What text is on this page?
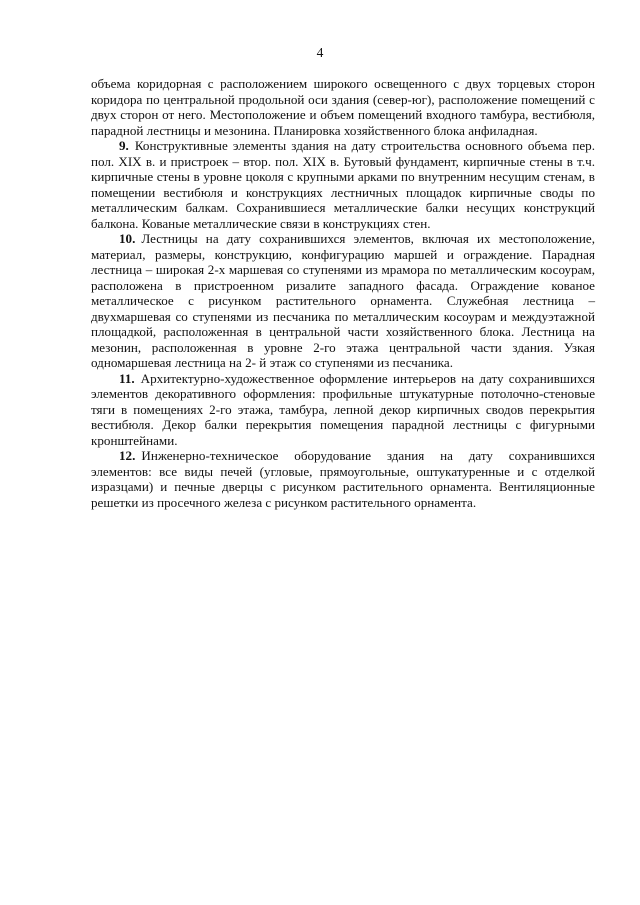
4

объема коридорная с расположением широкого освещенного с двух торцевых сторон коридора по центральной продольной оси здания (север-юг), расположение помещений с двух сторон от него. Местоположение и объем помещений входного тамбура, вестибюля, парадной лестницы и мезонина. Планировка хозяйственного блока анфиладная.

9. Конструктивные элементы здания на дату строительства основного объема пер. пол. XIX в. и пристроек – втор. пол. XIX в. Бутовый фундамент, кирпичные стены в т.ч. кирпичные стены в уровне цоколя с крупными арками по внутренним несущим стенам, в помещении вестибюля и конструкциях лестничных площадок кирпичные своды по металлическим балкам. Сохранившиеся металлические балки несущих конструкций балкона. Кованые металлические связи в конструкциях стен.

10. Лестницы на дату сохранившихся элементов, включая их местоположение, материал, размеры, конструкцию, конфигурацию маршей и ограждение. Парадная лестница – широкая 2-х маршевая со ступенями из мрамора по металлическим косоурам, расположена в пристроенном ризалите западного фасада. Ограждение кованое металлическое с рисунком растительного орнамента. Служебная лестница – двухмаршевая со ступенями из песчаника по металлическим косоурам и междуэтажной площадкой, расположенная в центральной части хозяйственного блока. Лестница на мезонин, расположенная в уровне 2-го этажа центральной части здания. Узкая одномаршевая лестница на 2- й этаж со ступенями из песчаника.

11. Архитектурно-художественное оформление интерьеров на дату сохранившихся элементов декоративного оформления: профильные штукатурные потолочно-стеновые тяги в помещениях 2-го этажа, тамбура, лепной декор кирпичных сводов перекрытия вестибюля. Декор балки перекрытия помещения парадной лестницы с фигурными кронштейнами.

12. Инженерно-техническое оборудование здания на дату сохранившихся элементов: все виды печей (угловые, прямоугольные, оштукатуренные и с отделкой изразцами) и печные дверцы с рисунком растительного орнамента. Вентиляционные решетки из просечного железа с рисунком растительного орнамента.
